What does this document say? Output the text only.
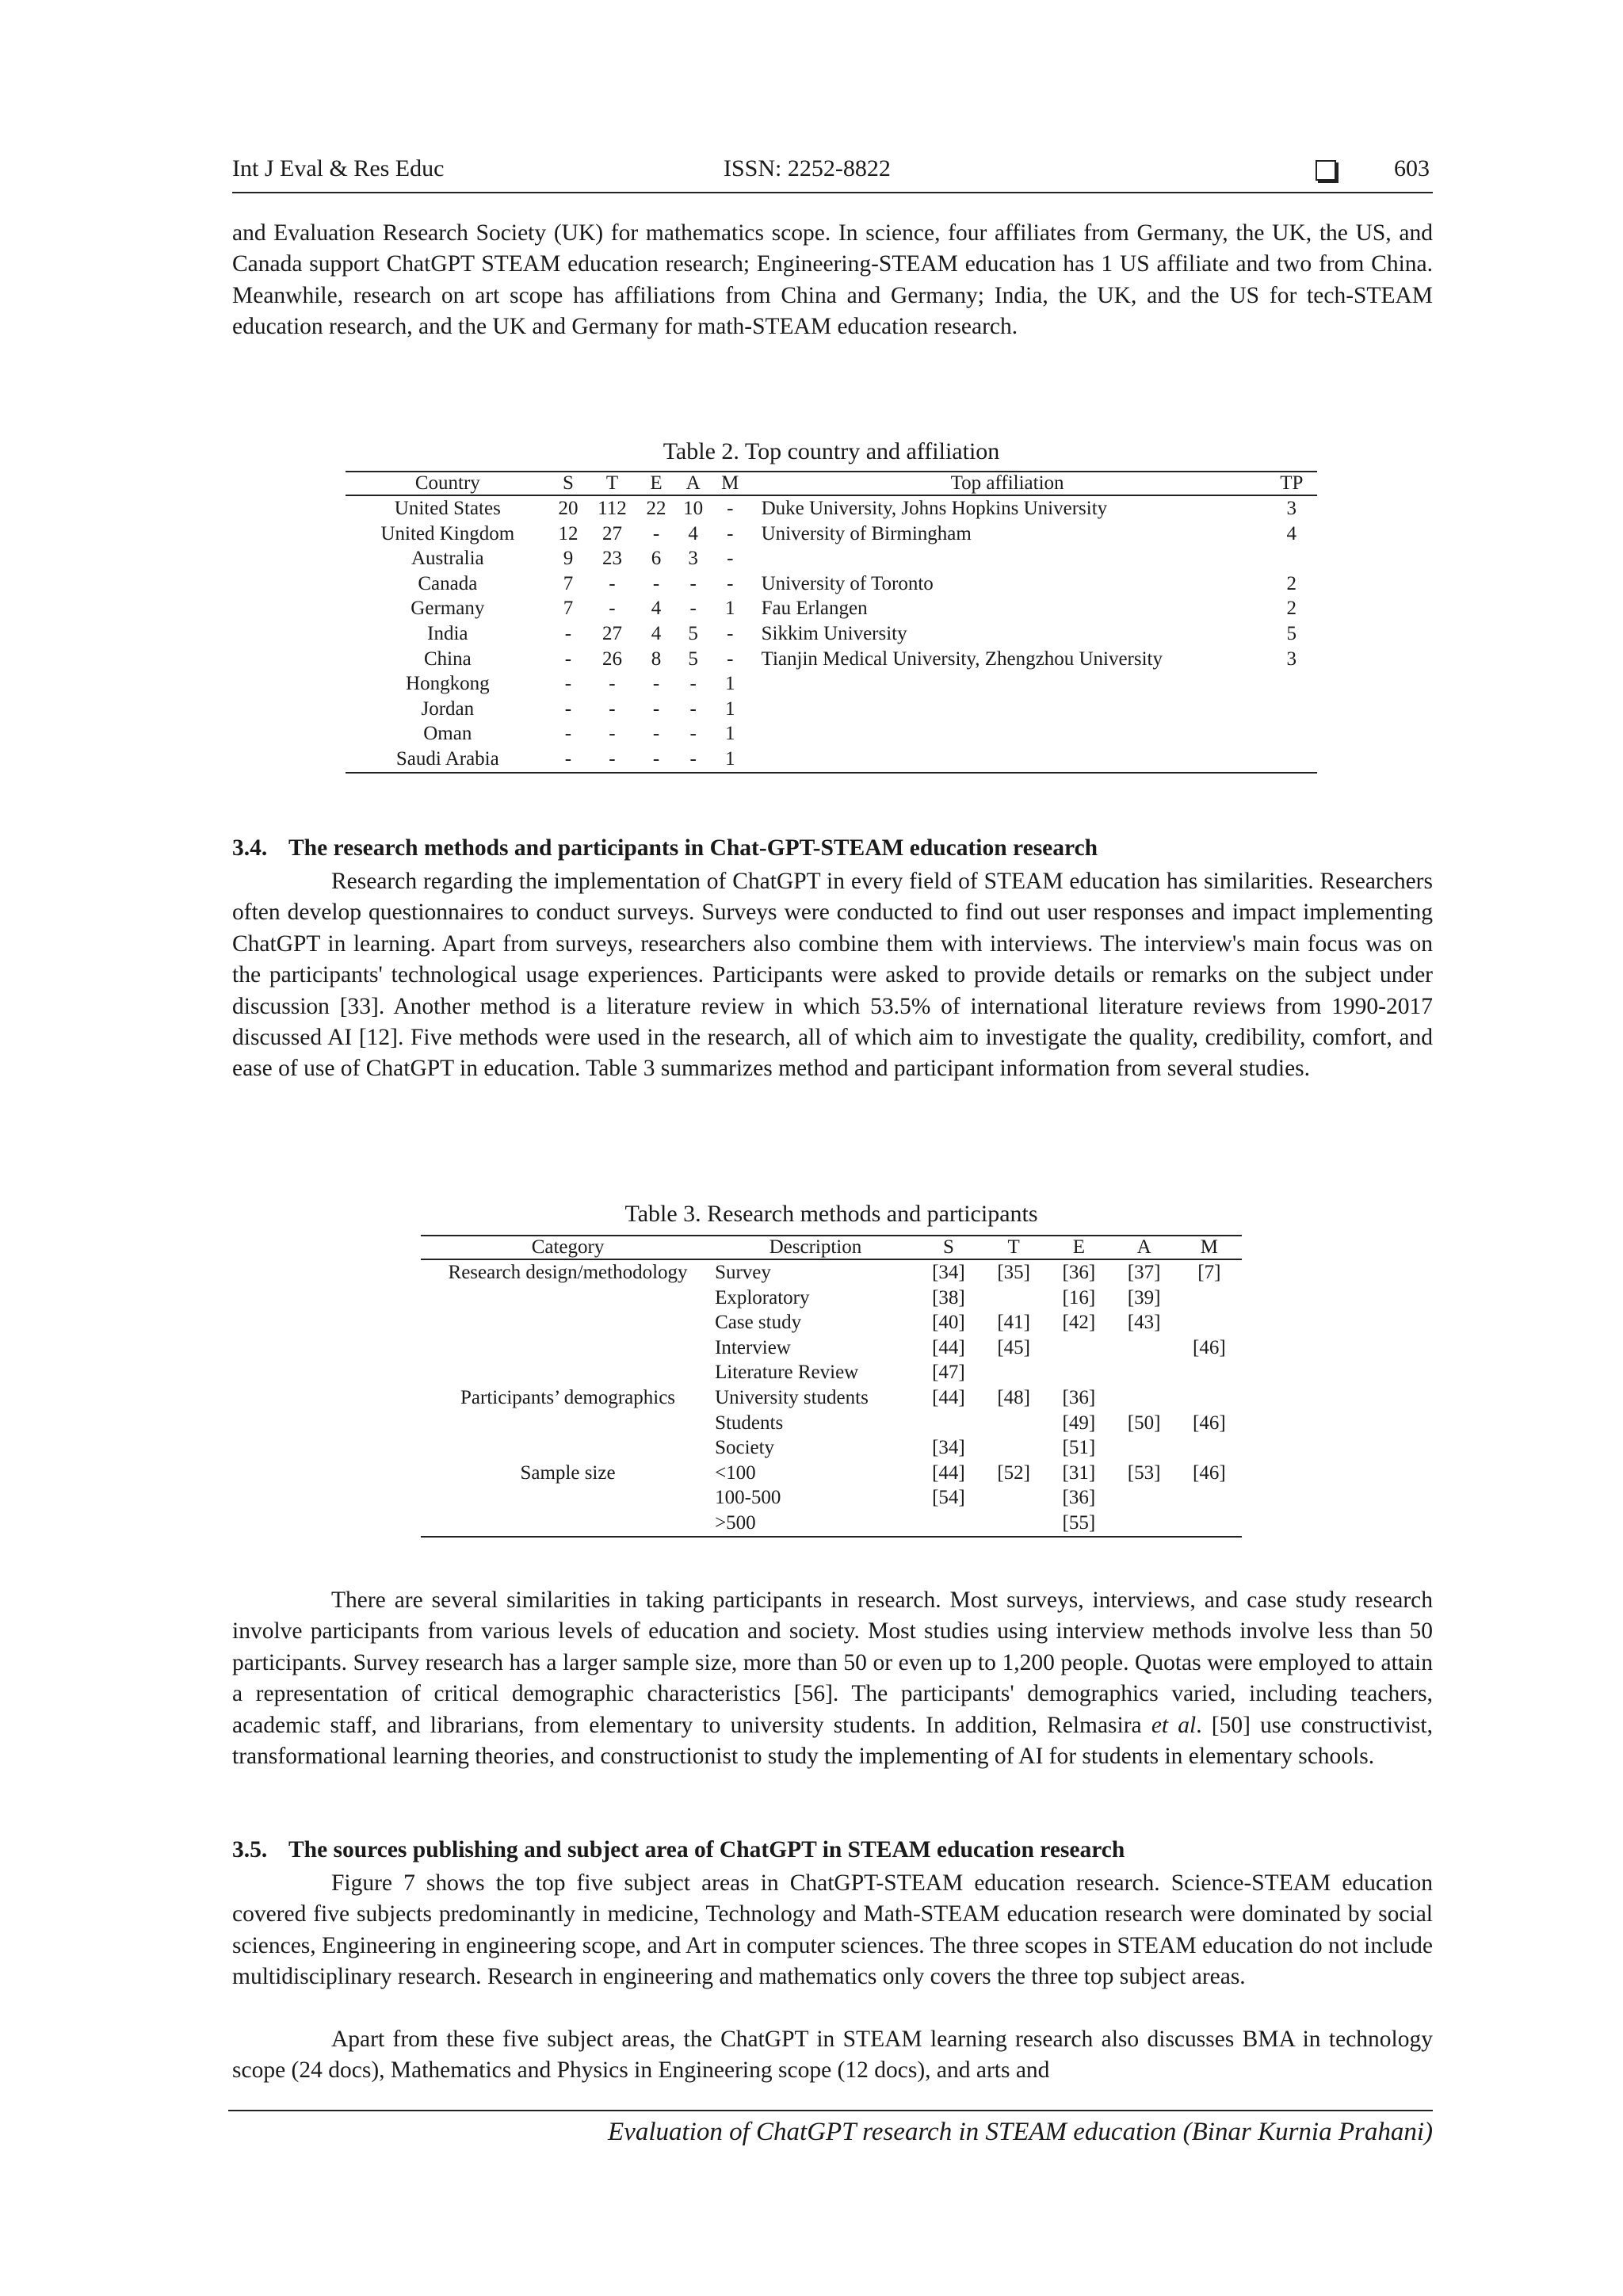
Int J Eval & Res Educ	ISSN: 2252-8822	603

and Evaluation Research Society (UK) for mathematics scope. In science, four affiliates from Germany, the UK, the US, and Canada support ChatGPT STEAM education research; Engineering-STEAM education has 1 US affiliate and two from China. Meanwhile, research on art scope has affiliations from China and Germany; India, the UK, and the US for tech-STEAM education research, and the UK and Germany for math-STEAM education research.

Table 2. Top country and affiliation
Country	S	T	E	A	M	Top affiliation	TP
United States	20	112	22	10	-	Duke University, Johns Hopkins University	3
United Kingdom	12	27	-	4	-	University of Birmingham	4
Australia	9	23	6	3	-		
Canada	7	-	-	-	-	University of Toronto	2
Germany	7	-	4	-	1	Fau Erlangen	2
India	-	27	4	5	-	Sikkim University	5
China	-	26	8	5	-	Tianjin Medical University, Zhengzhou University	3
Hongkong	-	-	-	-	1		
Jordan	-	-	-	-	1		
Oman	-	-	-	-	1		
Saudi Arabia	-	-	-	-	1		
3.4. The research methods and participants in Chat-GPT-STEAM education research

Research regarding the implementation of ChatGPT in every field of STEAM education has similarities. Researchers often develop questionnaires to conduct surveys. Surveys were conducted to find out user responses and impact implementing ChatGPT in learning. Apart from surveys, researchers also combine them with interviews. The interview's main focus was on the participants' technological usage experiences. Participants were asked to provide details or remarks on the subject under discussion [33]. Another method is a literature review in which 53.5% of international literature reviews from 1990-2017 discussed AI [12]. Five methods were used in the research, all of which aim to investigate the quality, credibility, comfort, and ease of use of ChatGPT in education. Table 3 summarizes method and participant information from several studies.

Table 3. Research methods and participants
Category	Description	S	T	E	A	M
Research design/methodology	Survey	[34]	[35]	[36]	[37]	[7]
	Exploratory	[38]		[16]	[39]	
	Case study	[40]	[41]	[42]	[43]	
	Interview	[44]	[45]			[46]
	Literature Review	[47]				
Participants’ demographics	University students	[44]	[48]	[36]		
	Students			[49]	[50]	[46]
	Society	[34]		[51]		
Sample size	<100	[44]	[52]	[31]	[53]	[46]
	100-500	[54]		[36]		
	>500			[55]		

There are several similarities in taking participants in research. Most surveys, interviews, and case study research involve participants from various levels of education and society. Most studies using interview methods involve less than 50 participants. Survey research has a larger sample size, more than 50 or even up to 1,200 people. Quotas were employed to attain a representation of critical demographic characteristics [56]. The participants' demographics varied, including teachers, academic staff, and librarians, from elementary to university students. In addition, Relmasira et al. [50] use constructivist, transformational learning theories, and constructionist to study the implementing of AI for students in elementary schools.

3.5. The sources publishing and subject area of ChatGPT in STEAM education research

Figure 7 shows the top five subject areas in ChatGPT-STEAM education research. Science-STEAM education covered five subjects predominantly in medicine, Technology and Math-STEAM education research were dominated by social sciences, Engineering in engineering scope, and Art in computer sciences. The three scopes in STEAM education do not include multidisciplinary research. Research in engineering and mathematics only covers the three top subject areas.

Apart from these five subject areas, the ChatGPT in STEAM learning research also discusses BMA in technology scope (24 docs), Mathematics and Physics in Engineering scope (12 docs), and arts and

Evaluation of ChatGPT research in STEAM education (Binar Kurnia Prahani)
